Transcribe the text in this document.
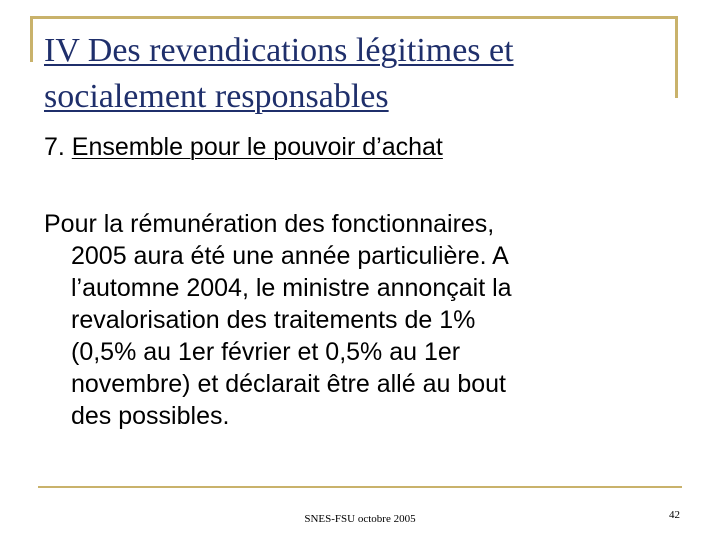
IV Des revendications légitimes et
socialement responsables
7. Ensemble pour le pouvoir d’achat

Pour la rémunération des fonctionnaires,
2005 aura été une année particulière. A
l’automne 2004, le ministre annonçait la
revalorisation des traitements de 1%
(0,5% au 1er février et 0,5% au 1er
novembre) et déclarait être allé au bout
des possibles.

SNES-FSU octobre 2005	42
